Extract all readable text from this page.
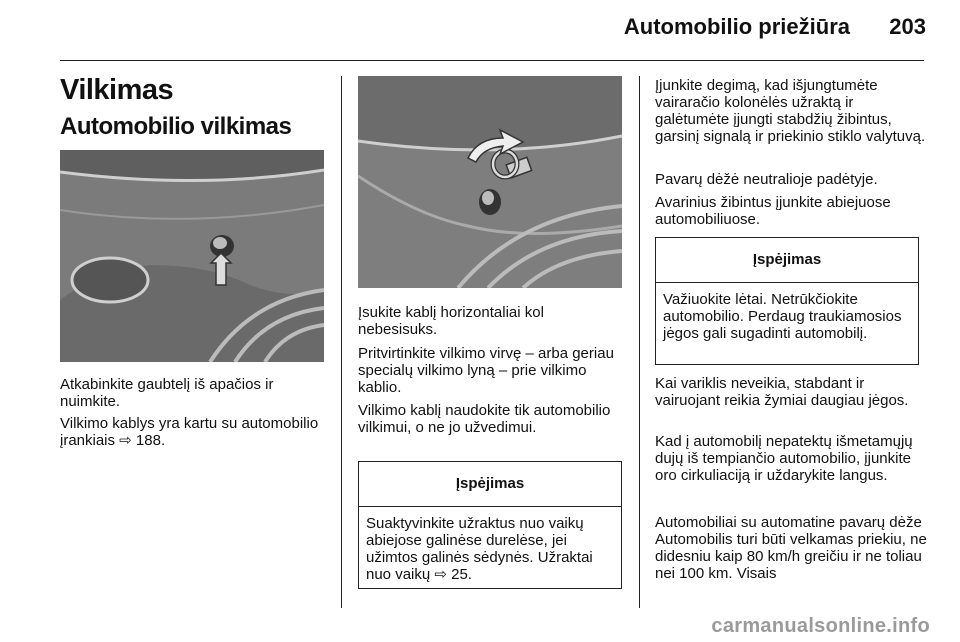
Automobilio priežiūra	203
Vilkimas
Automobilio vilkimas

Atkabinkite gaubtelį iš apačios ir nuimkite.

Vilkimo kablys yra kartu su automobilio įrankiais ⇨ 188.

Įsukite kablį horizontaliai kol nebesisuks.

Pritvirtinkite vilkimo virvę – arba geriau specialų vilkimo lyną – prie vilkimo kablio.

Vilkimo kablį naudokite tik automobilio vilkimui, o ne jo užvedimui.

Įspėjimas
Suaktyvinkite užraktus nuo vaikų abiejose galinėse durelėse, jei užimtos galinės sėdynės. Užraktai nuo vaikų ⇨ 25.

Įjunkite degimą, kad išjungtumėte vairaračio kolonėlės užraktą ir galėtumėte įjungti stabdžių žibintus, garsinį signalą ir priekinio stiklo valytuvą.

Pavarų dėžė neutralioje padėtyje.

Avarinius žibintus įjunkite abiejuose automobiliuose.

Įspėjimas
Važiuokite lėtai. Netrūkčiokite automobilio. Perdaug traukiamosios jėgos gali sugadinti automobilį.

Kai variklis neveikia, stabdant ir vairuojant reikia žymiai daugiau jėgos.

Kad į automobilį nepatektų išmetamųjų dujų iš tempiančio automobilio, įjunkite oro cirkuliaciją ir uždarykite langus.

Automobiliai su automatine pavarų dėže Automobilis turi būti velkamas priekiu, ne didesniu kaip 80 km/h greičiu ir ne toliau nei 100 km. Visais

carmanualsonline.info
